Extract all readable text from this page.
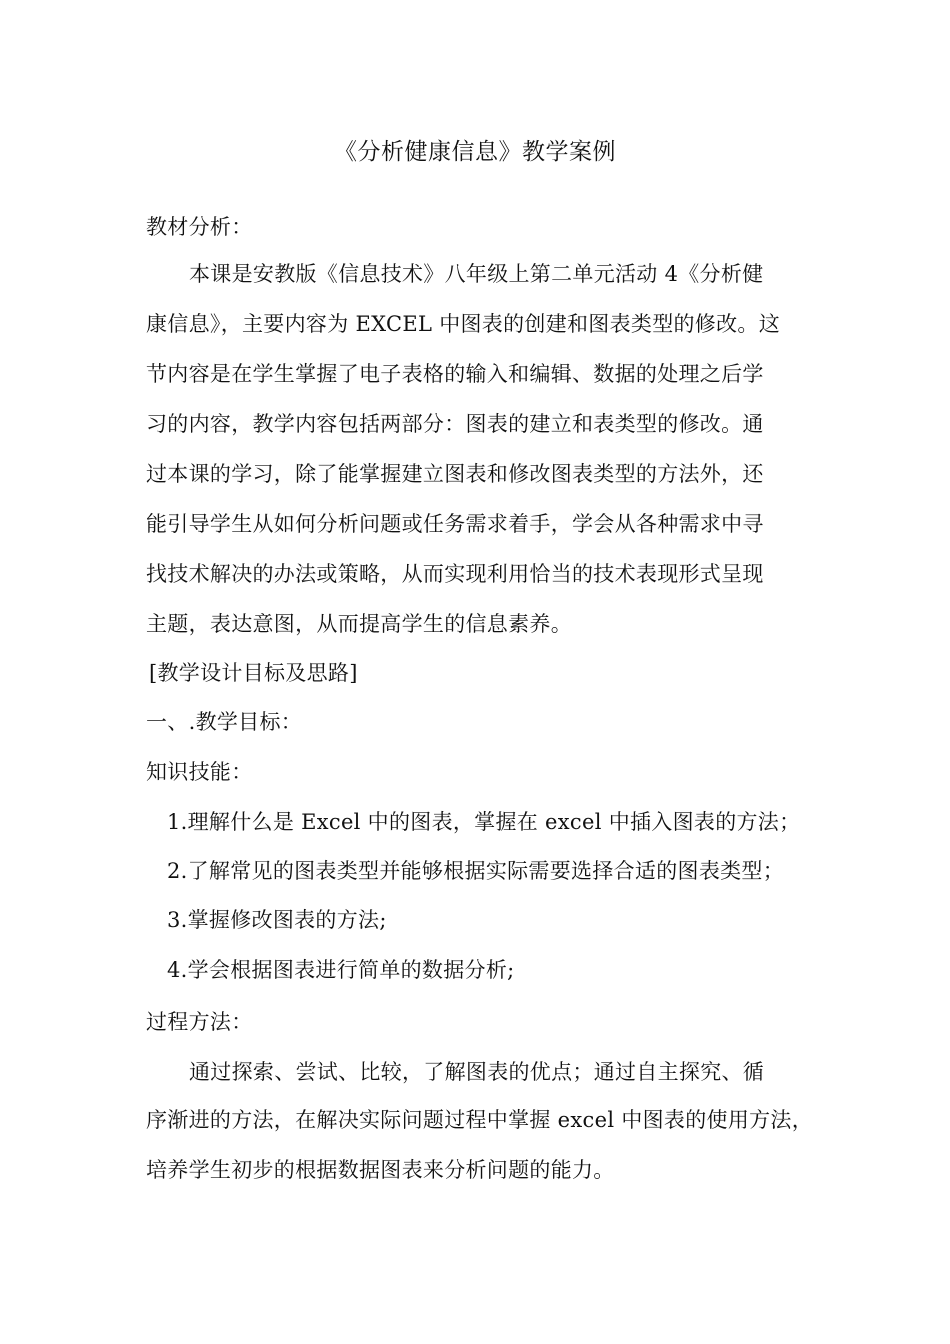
《分析健康信息》教学案例
教材分析：
本课是安教版《信息技术》八年级上第二单元活动 4《分析健
康信息》，主要内容为 EXCEL 中图表的创建和图表类型的修改。这
节内容是在学生掌握了电子表格的输入和编辑、数据的处理之后学
习的内容，教学内容包括两部分：图表的建立和表类型的修改。通
过本课的学习，除了能掌握建立图表和修改图表类型的方法外，还
能引导学生从如何分析问题或任务需求着手，学会从各种需求中寻
找技术解决的办法或策略，从而实现利用恰当的技术表现形式呈现
主题，表达意图，从而提高学生的信息素养。
[教学设计目标及思路]
一、.教学目标：
知识技能：
1.理解什么是 Excel 中的图表，掌握在 excel 中插入图表的方法；
2.了解常见的图表类型并能够根据实际需要选择合适的图表类型；
3.掌握修改图表的方法;
4.学会根据图表进行简单的数据分析;
过程方法：
通过探索、尝试、比较，了解图表的优点；通过自主探究、循
序渐进的方法，在解决实际问题过程中掌握 excel 中图表的使用方法，
培养学生初步的根据数据图表来分析问题的能力。
